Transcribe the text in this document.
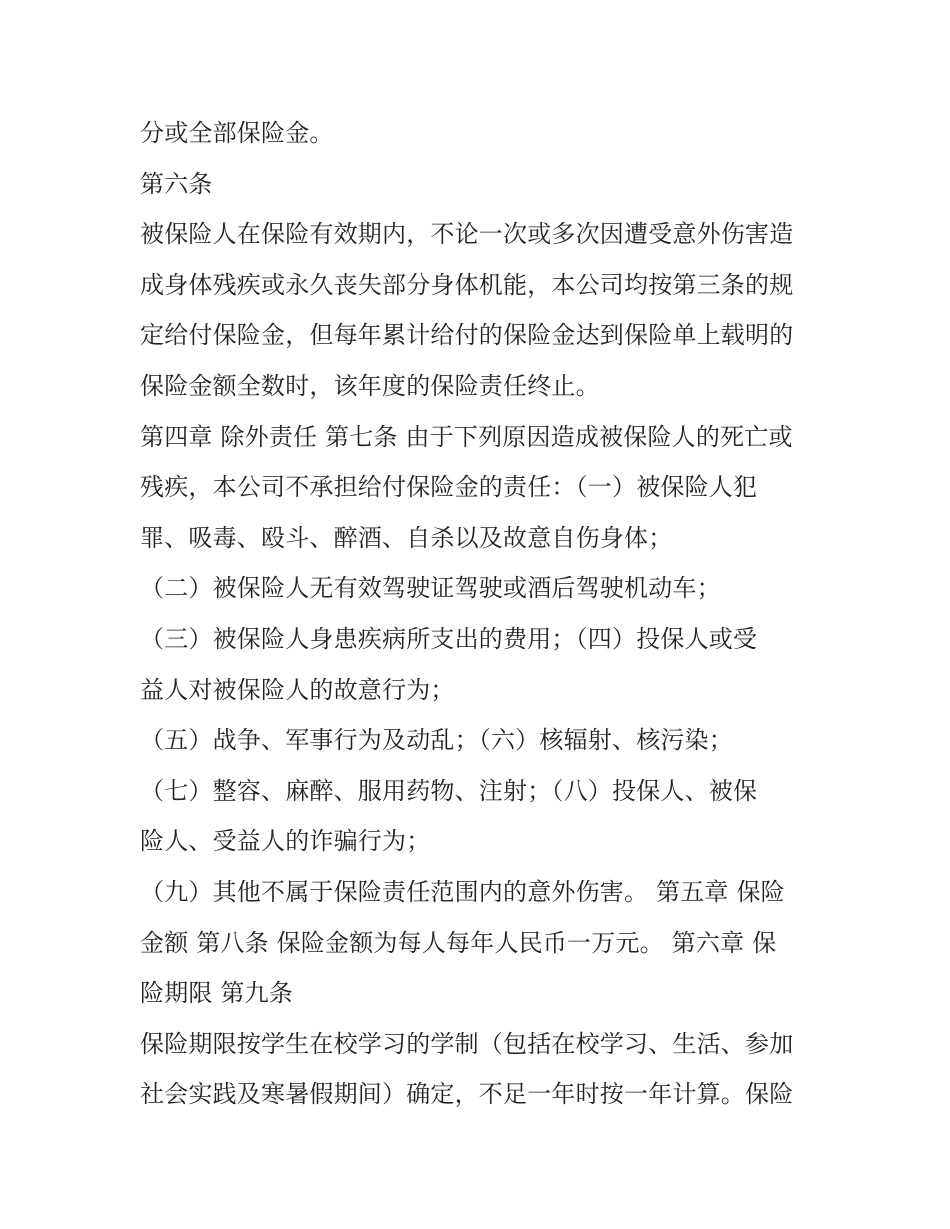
分或全部保险金。
第六条
被保险人在保险有效期内，不论一次或多次因遭受意外伤害造
成身体残疾或永久丧失部分身体机能，本公司均按第三条的规
定给付保险金，但每年累计给付的保险金达到保险单上载明的
保险金额全数时，该年度的保险责任终止。
第四章 除外责任 第七条 由于下列原因造成被保险人的死亡或
残疾，本公司不承担给付保险金的责任：（一）被保险人犯
罪、吸毒、殴斗、醉酒、自杀以及故意自伤身体；
（二）被保险人无有效驾驶证驾驶或酒后驾驶机动车；
（三）被保险人身患疾病所支出的费用；（四）投保人或受
益人对被保险人的故意行为；
（五）战争、军事行为及动乱；（六）核辐射、核污染；
（七）整容、麻醉、服用药物、注射；（八）投保人、被保
险人、受益人的诈骗行为；
（九）其他不属于保险责任范围内的意外伤害。 第五章 保险
金额 第八条 保险金额为每人每年人民币一万元。 第六章 保
险期限 第九条
保险期限按学生在校学习的学制（包括在校学习、生活、参加
社会实践及寒暑假期间）确定，不足一年时按一年计算。保险
